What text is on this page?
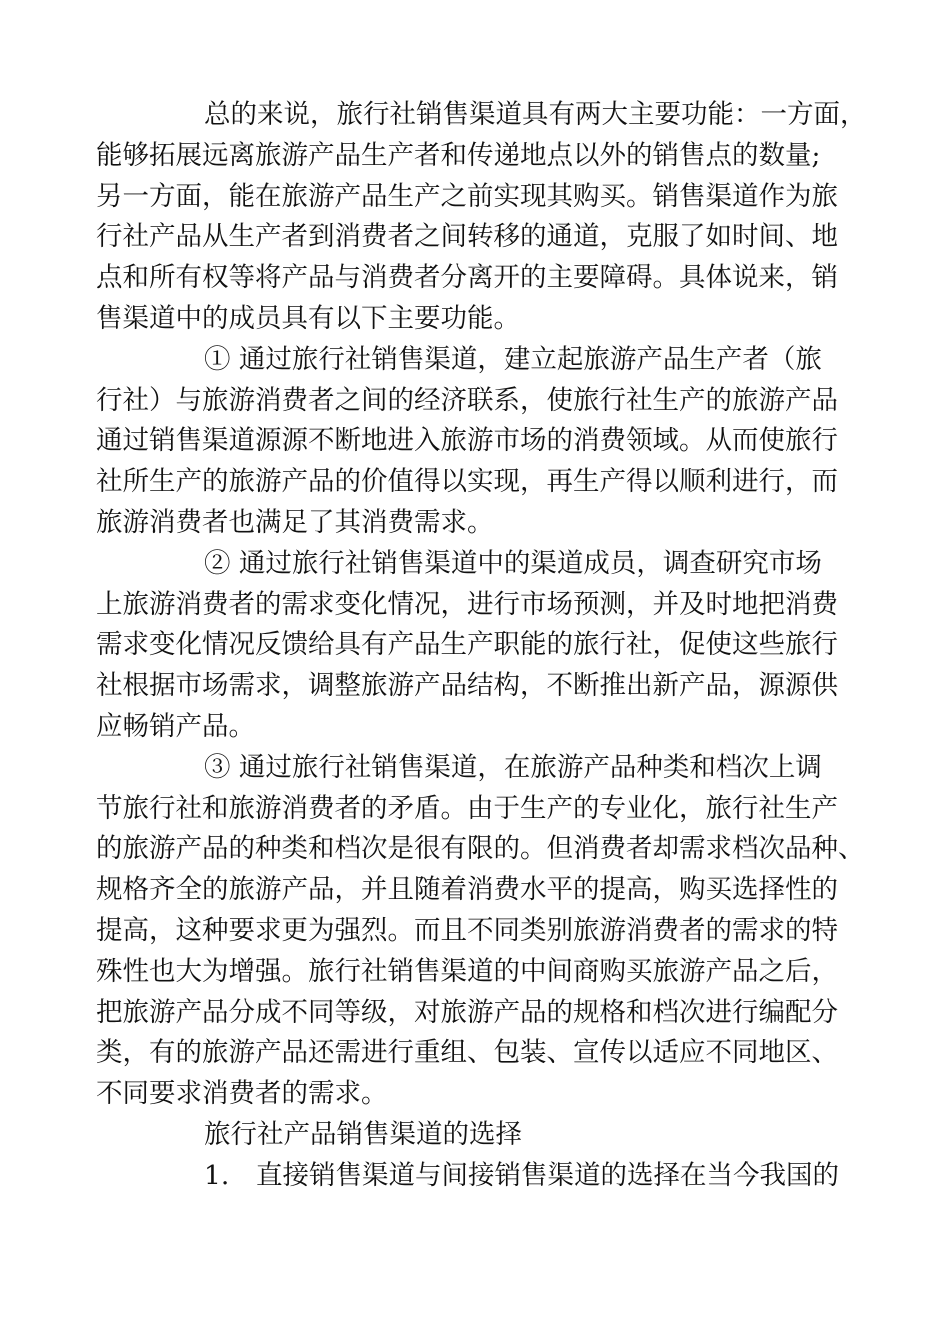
总的来说，旅行社销售渠道具有两大主要功能：一方面，
能够拓展远离旅游产品生产者和传递地点以外的销售点的数量;
另一方面，能在旅游产品生产之前实现其购买。销售渠道作为旅
行社产品从生产者到消费者之间转移的通道，克服了如时间、地
点和所有权等将产品与消费者分离开的主要障碍。具体说来，销
售渠道中的成员具有以下主要功能。
① 通过旅行社销售渠道，建立起旅游产品生产者（旅
行社）与旅游消费者之间的经济联系，使旅行社生产的旅游产品
通过销售渠道源源不断地进入旅游市场的消费领域。从而使旅行
社所生产的旅游产品的价值得以实现，再生产得以顺利进行，而
旅游消费者也满足了其消费需求。
② 通过旅行社销售渠道中的渠道成员，调查研究市场
上旅游消费者的需求变化情况，进行市场预测，并及时地把消费
需求变化情况反馈给具有产品生产职能的旅行社，促使这些旅行
社根据市场需求，调整旅游产品结构，不断推出新产品，源源供
应畅销产品。
③ 通过旅行社销售渠道，在旅游产品种类和档次上调
节旅行社和旅游消费者的矛盾。由于生产的专业化，旅行社生产
的旅游产品的种类和档次是很有限的。但消费者却需求档次品种、
规格齐全的旅游产品，并且随着消费水平的提高，购买选择性的
提高，这种要求更为强烈。而且不同类别旅游消费者的需求的特
殊性也大为增强。旅行社销售渠道的中间商购买旅游产品之后，
把旅游产品分成不同等级，对旅游产品的规格和档次进行编配分
类，有的旅游产品还需进行重组、包装、宣传以适应不同地区、
不同要求消费者的需求。
旅行社产品销售渠道的选择
1. 直接销售渠道与间接销售渠道的选择在当今我国的
